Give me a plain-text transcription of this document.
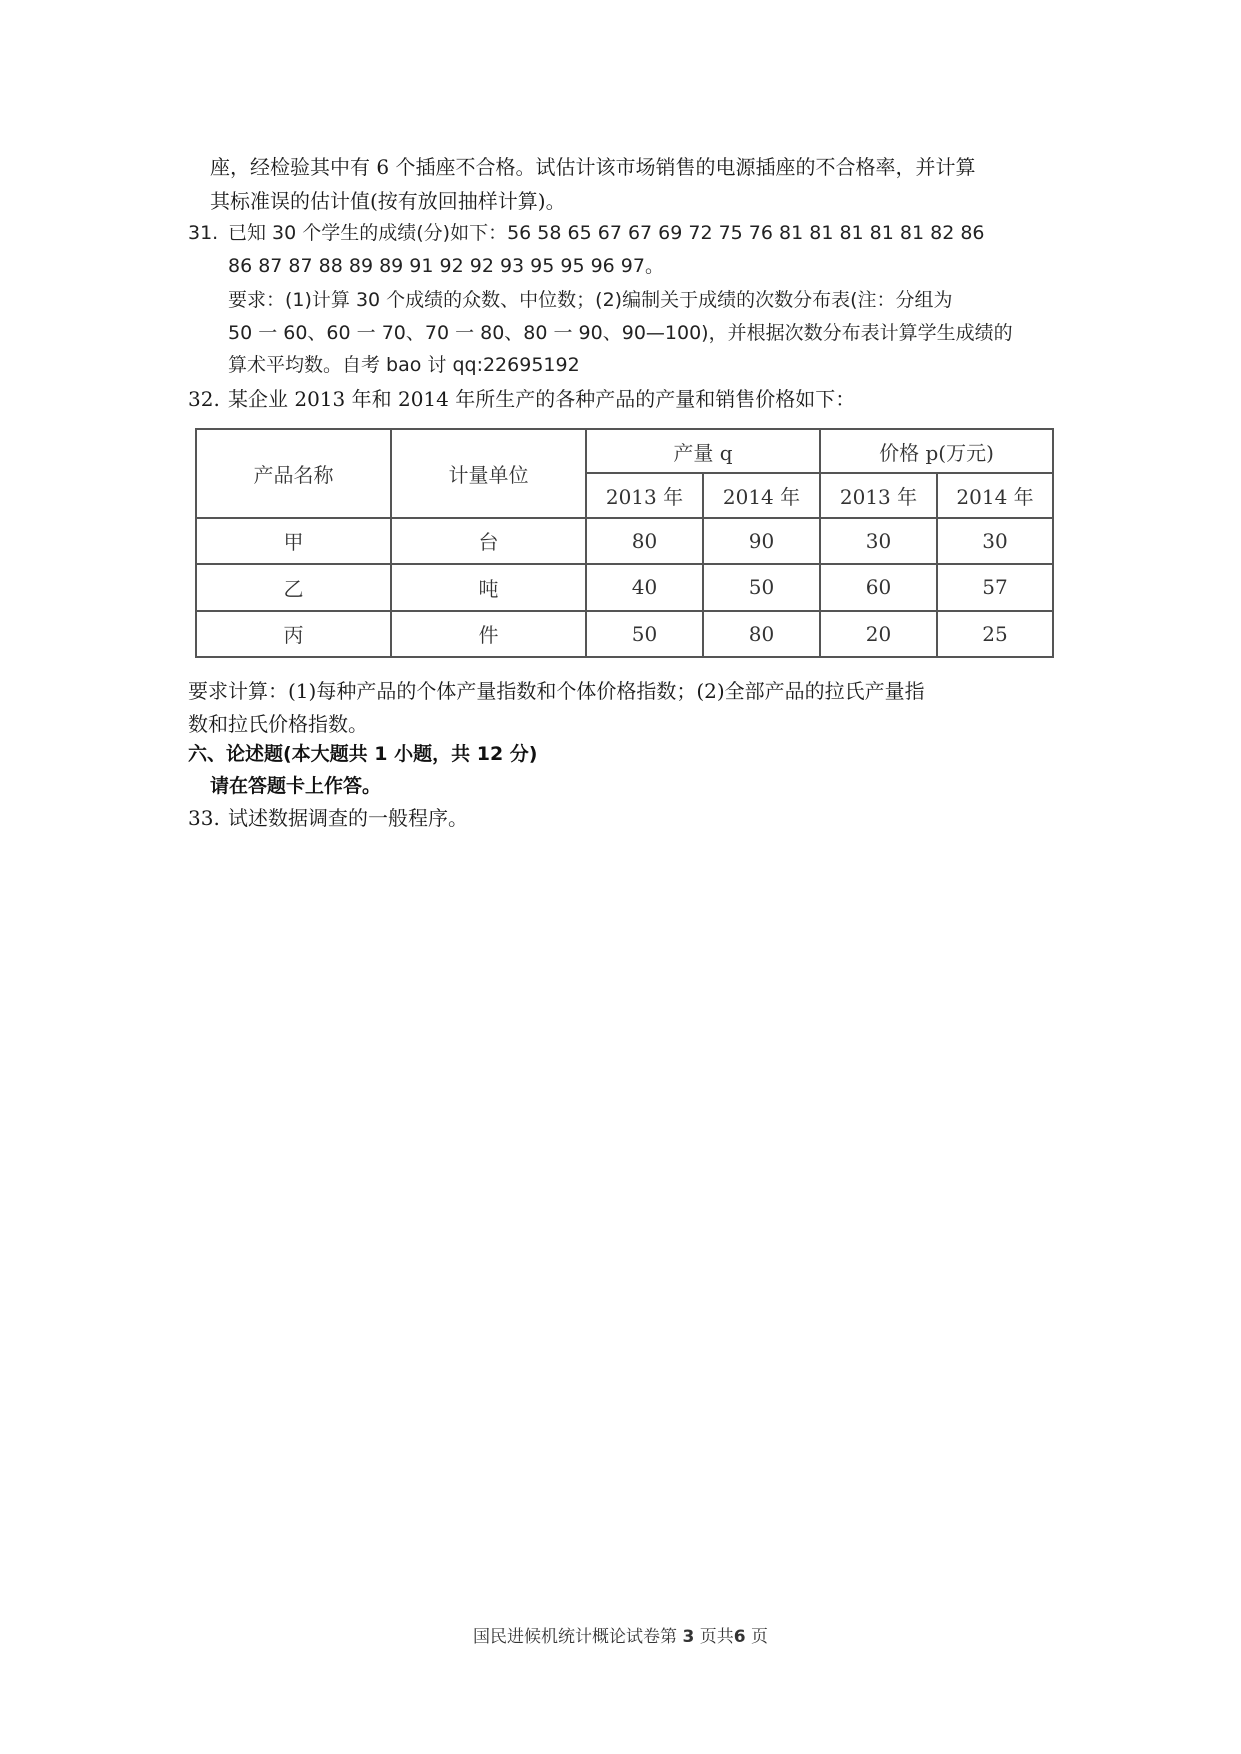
座，经检验其中有 6 个插座不合格。试估计该市场销售的电源插座的不合格率，并计算
其标准误的估计值(按有放回抽样计算)。
31. 已知 30 个学生的成绩(分)如下：56 58 65 67 67 69 72 75 76 81 81 81 81 81 82 86
86 87 87 88 89 89 91 92 92 93 95 95 96 97。
要求：(1)计算 30 个成绩的众数、中位数；(2)编制关于成绩的次数分布表(注：分组为
50 一 60、60 一 70、70 一 80、80 一 90、90—100)，并根据次数分布表计算学生成绩的
算术平均数。自考 bao 讨 qq:22695192
32. 某企业 2013 年和 2014 年所生产的各种产品的产量和销售价格如下：
产品名称	计量单位	产量 q		价格 p(万元)	
		2013 年	2014 年	2013 年	2014 年
甲	台	80	90	30	30
乙	吨	40	50	60	57
丙	件	50	80	20	25
要求计算：(1)每种产品的个体产量指数和个体价格指数；(2)全部产品的拉氏产量指
数和拉氏价格指数。
六、论述题(本大题共 1 小题，共 12 分)
请在答题卡上作答。
33. 试述数据调查的一般程序。
国民进候机统计概论试卷第 3 页共6 页
